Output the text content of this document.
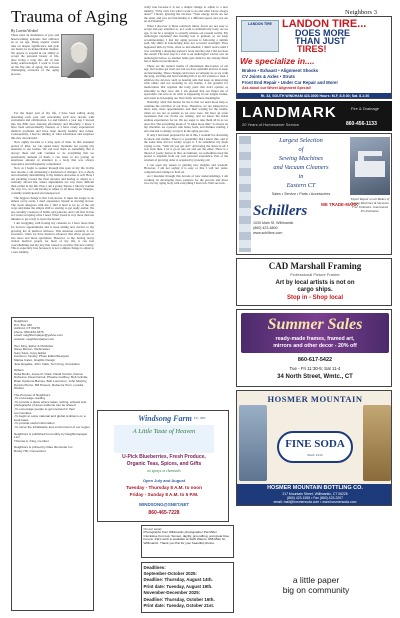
Trauma of Aging	Neighbors 3
By Loretta Wrobel

There exist an abundance of joys and heartwarming episodes that embrace us as we age. Many regular events take on deeper significance and grab our hearts in an indescribable manner. We appear to expand in our ability to accept the personal beauty of life, after living a long life. All of that being acknowledged, I want to focus on the flip side of aging: the arduous challenging obstacles of the aging process.

For the major part of my life, I have been sailing along absorbing each year and welcoming each new decade with excitement and exhilaration. Lo and behold, a year ago I moved into my 80th year, dancing effortlessly and blissfully. I knew I have been extraordinarily blessed, as I have rarely experienced medical problems and have been mostly healthy and robust. Consequently, I had no inkling of what adventures and surprises this new decade held.

Now eighty decades is a long span of time. In that extended period of time, we can spend many moments not paying any attention to our bodies. We can treat them as something that is always there and will continue to do everything that we persistently demand of them. I can attest to not paying an enormous amount of attention to a body that was always responsive and infrequently complained.

Now as I begin to saunter through this span of my life in this new decade, I am witnessing a truckload of changes. It is a shock and extremely destabilizing to my balance and sense of self. Here I am plodding toward the final decades and having to adjust to a radically altered life, where adjustments are way more difficult than earlier in my life. Plus, I am a young Taurus. I like my routine the way it is. So I am having to adjust to all these major changes, certainly unanticipated and unexpected.

The biggest change is that I am slower. It takes me longer to do almost every event. I don't experience myself as moving slower. The clock disagrees with me. I find it hard to let go of the old ways and make the simple shift to starting to get ready earlier. We are certainly creatures of habits and patterns, and I am first in line as I resist accepting what I need. What I need is way more than ten minutes to get ready to leave the house!

I am struggling with freeing my calendar so I have more time for doctors' appointments and to keep adding new doctors to my growing list of medical advisors. This situation certainly is not excessive, when we have medical advances that allow people to live more and more specialists. However, to me, having rarely visited medical people for most of my life, it can feel overwhelming and my jury that caused to swallow this new reality. This is especially true because it is not a simple change to adjust to a new identity.

cially true because it is not a simple change to adjust to a new identity. "Why can't I do what I want to do and what I have always done?" I moan, ignoring the obvious. "Your energy levels are not the same, and you are functioning at a different speed, and you are an old Woman!"

What I discover is these relatively minor facets are not easy to accept and pay attention to, as I want to maintain my body. As we age, it can be a struggle to actually witness our present reality. My audiologist explained that hearing loss is gradual, so we keep accommodating. I feel my aging process is following a similar path. My shifts in functioning have not occurred overnight. They happened little by little, often so incremental, I didn't notice until I was watching a shopping partner's book moving and I did not hear the sound! The next step is a visit to an audiologist! I never saw an audiologist before, so another name gets added to my already filled list of medical practitioners.

These are the natural results of amazement discoveries of old age. Our bodies get tired out, but we have splendid devices to keep us functioning. These changes and losses accompany us as we walk the long, exciting and hard winding hill of an old woman or man. I embrace the devices, such as hearing aids that keep us interacting with others and not isolating in our homes. I am grateful for medications that regulate the body parts that don't operate as smoothly as they once did. I am pleased that our finger list of specialists can zero in on what is happening in our tongue bodies, and assist us in keeping our lives fuller and more meaningful.

Naturally, what this means for me is that we need more help to continue the activities of our lives. Therefore, we are subjected to more tests, more appointments, and then waiting for the results, when we are not as patient as we once were. We have an acute awareness that our clocks are ticking, and we know life holds endless experiences for us. We are eager to take them all in as we once did. The everything mode of "it takes more time" is always on my checklist. As a person who hates, feels, and dislikes waiting, I am reluctant to simply accept it in the aging process.

If only I had been prepared for all of this, I wouldn't be drowning in shock and trauma. There is a possibility that I knew this, and at the same time did not totally accept it. I do remember my mom saying to me, "Wait till you get old!" And being the 'know-it-all' I was back then, I let it go in one ear and out the other. There is a thread of poetic justice in that. As humans, we sometimes need the period to emanate from our own personal experience. Part of the wisdom of growing older is acquired by growing old.

I can open my senses to gaining new insights and wisdom. However, I am not saying it is easy or that I will not resist, complain and attempt to hold on.

As I meander through this decade of new understandings, I am working on developing more patience for the process and more love for my aging body with everything I have left. Well see luck.

Neighbors
P.O. Box 430
Ashford, CT 06278
phone: 860-933-3376
email: neighborspaper@yahoo.com
website: neighborspaper.com
Tom King, Editor & Publisher
Steve Morton, Webmaster
Gary Kass, Copy Editor
Cameron Yansky, Photo Editor/Designer
Marisa Calvo, Graphic Design
Julie Engelke, John Clark, Tom King, Circulation
Writers
Delia Berlin, Jesse R. Clark, David Corsini, Donna Dufresne, Dean Farrell, Phoebe Godfrey, Bob Grindle, Brian Karlsons-Barnes, Bob Lorentzen, John Murphy, Dennis Pierce, Bill Powers, Rebecca Tonn, Loretta Wrobel
The Purpose of Neighbors:
-To encourage reading
-To provide a place where ideas, writing, artwork and photographs of area residents can be shared
-To encourage people to get involved in their communities
-To begin to solve national and global problems on a local basis
-To provide useful information
-To serve the inhabitants and environment of our region
Neighbors is published bi-monthly by Neighborspaper LLC.
Thomas A. King, member
Neighbors is printed by Rare Reminder Inc.
Rocky Hill, Connecticut
Windsong Farm Est. 1984
A Little Taste of Heaven
U-Pick Blueberries, Fresh Produce,
Organic Teas, Spices, and Gifts
no sprays or chemicals
Open July and August
Tuesday - Thursday 8 A.M. to noon
Friday - Sunday 8 A.M. to 5 P.M.
WINDSONG@SNET.NET
860-465-7228
On our cover:
Photographs from Willimantic photographer Pat Miller. Clockwise from top: Sunset, daylily, groundhog, and great blue herons. Pat's work is available at Swift Waters, 866 Main St, Willimantic. Thank you Pat for your beautiful photos.
Deadlines:
September-October 2025:
Deadline: Thursday, August 14th.
Print date: Tuesday, August 19th.
November-December 2025:
Deadline: Thursday, October 16th.
Print date: Tuesday, October 21st.
LANDON TIRE LANDON TIRE...
DOES MORE
THAN JUST
TIRES!
We specialize in....
Brakes • Exhaust • Alignment Shocks
CV Joints & Axles • Struts
Front End Repair • Under Car Repair and More!
Ask about our Wheel Alignment Special!
Rt. 32, SOUTH WINDHAM 423-0300 Hours: M-F, 8-5:30; Sat. 8-1:30
LANDMARK	Fire & Drainage
20 Years of Homeowner Service	860-456-1133
Largest Selection
of
Sewing Machines
and Vacuum Cleaners
in
Eastern CT
Sales • Service • Parts • Accessories
Schillers
1030 Main St. Willimantic
(860) 423-6800
www.schillers.com
WE TRADE-MARK
Expert Repair on all Makes of Sewing Machines & Vacuums. Free Estimates. Guaranteed Pro Estimates.
CAD Marshall Framing
Professional Picture Framer
Art by local artists is not on
cargo ships.
Stop in - Shop local
Summer Sales
ready-made frames, framed art,
mirrors and other decor - 20% off
860-617-5422
Tue - Fri 11:30-5; Sat 11-4
34 North Street, Wmtc., CT
HOSMER MOUNTAIN
FINE SODA
Since 1912
HOSMER MOUNTAIN BOTTLING CO.
217 Mountain Street, Willimantic, CT 06226
(860) 423-1555 • Fax (860) 423-2207
email: mail@hosmersoda.com • www.hosmersoda.com
a little paper
big on community
